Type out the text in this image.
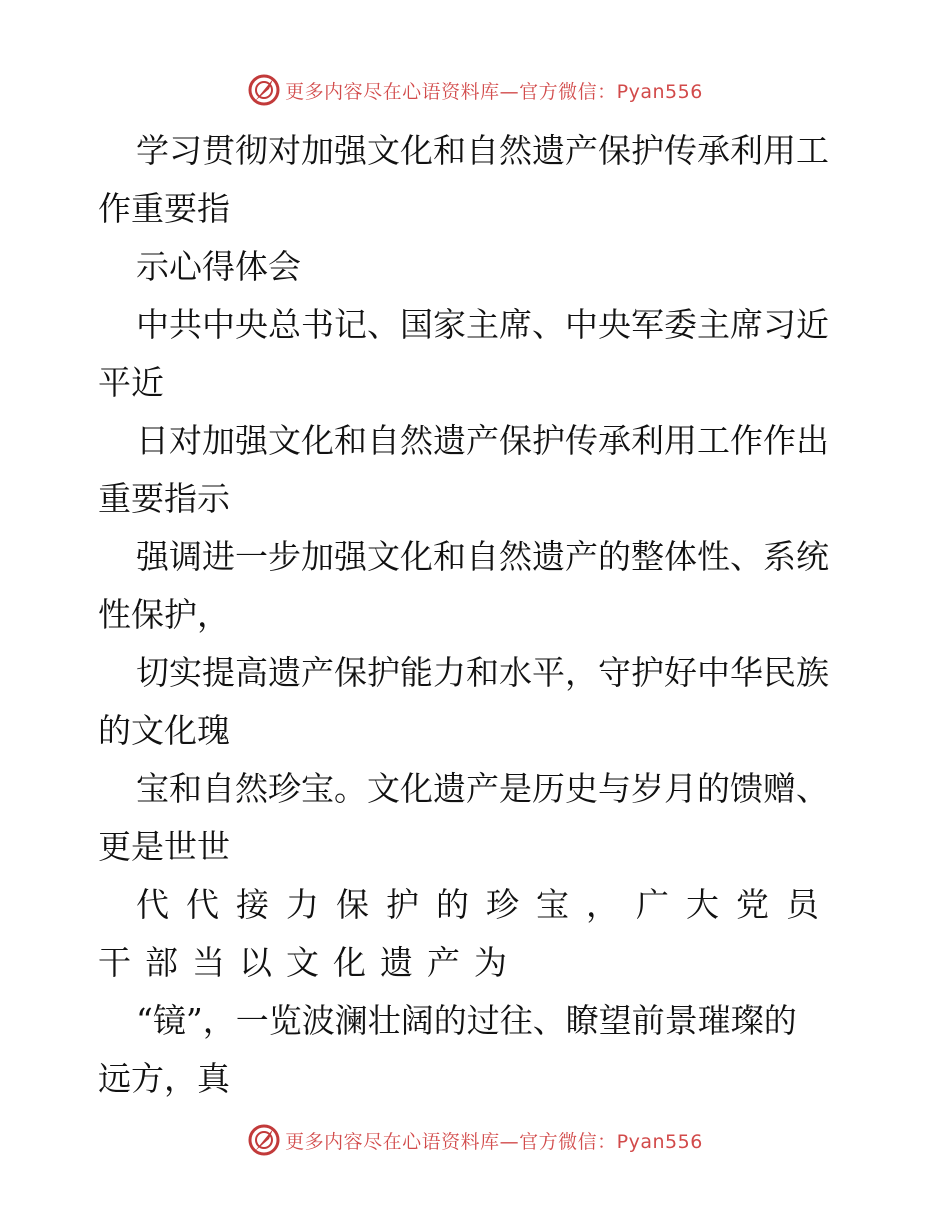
更多内容尽在心语资料库—官方微信：Pyan556
学习贯彻对加强文化和自然遗产保护传承利用工
作重要指
示心得体会
中共中央总书记、国家主席、中央军委主席习近
平近
日对加强文化和自然遗产保护传承利用工作作出
重要指示
强调进一步加强文化和自然遗产的整体性、系统
性保护，
切实提高遗产保护能力和水平，守护好中华民族
的文化瑰
宝和自然珍宝。文化遗产是历史与岁月的馈赠、
更是世世
代代接力保护的珍宝，广大党员
干部当以文化遗产为
“镜”，一览波澜壮阔的过往、瞭望前景璀璨的
远方，真
更多内容尽在心语资料库—官方微信：Pyan556
